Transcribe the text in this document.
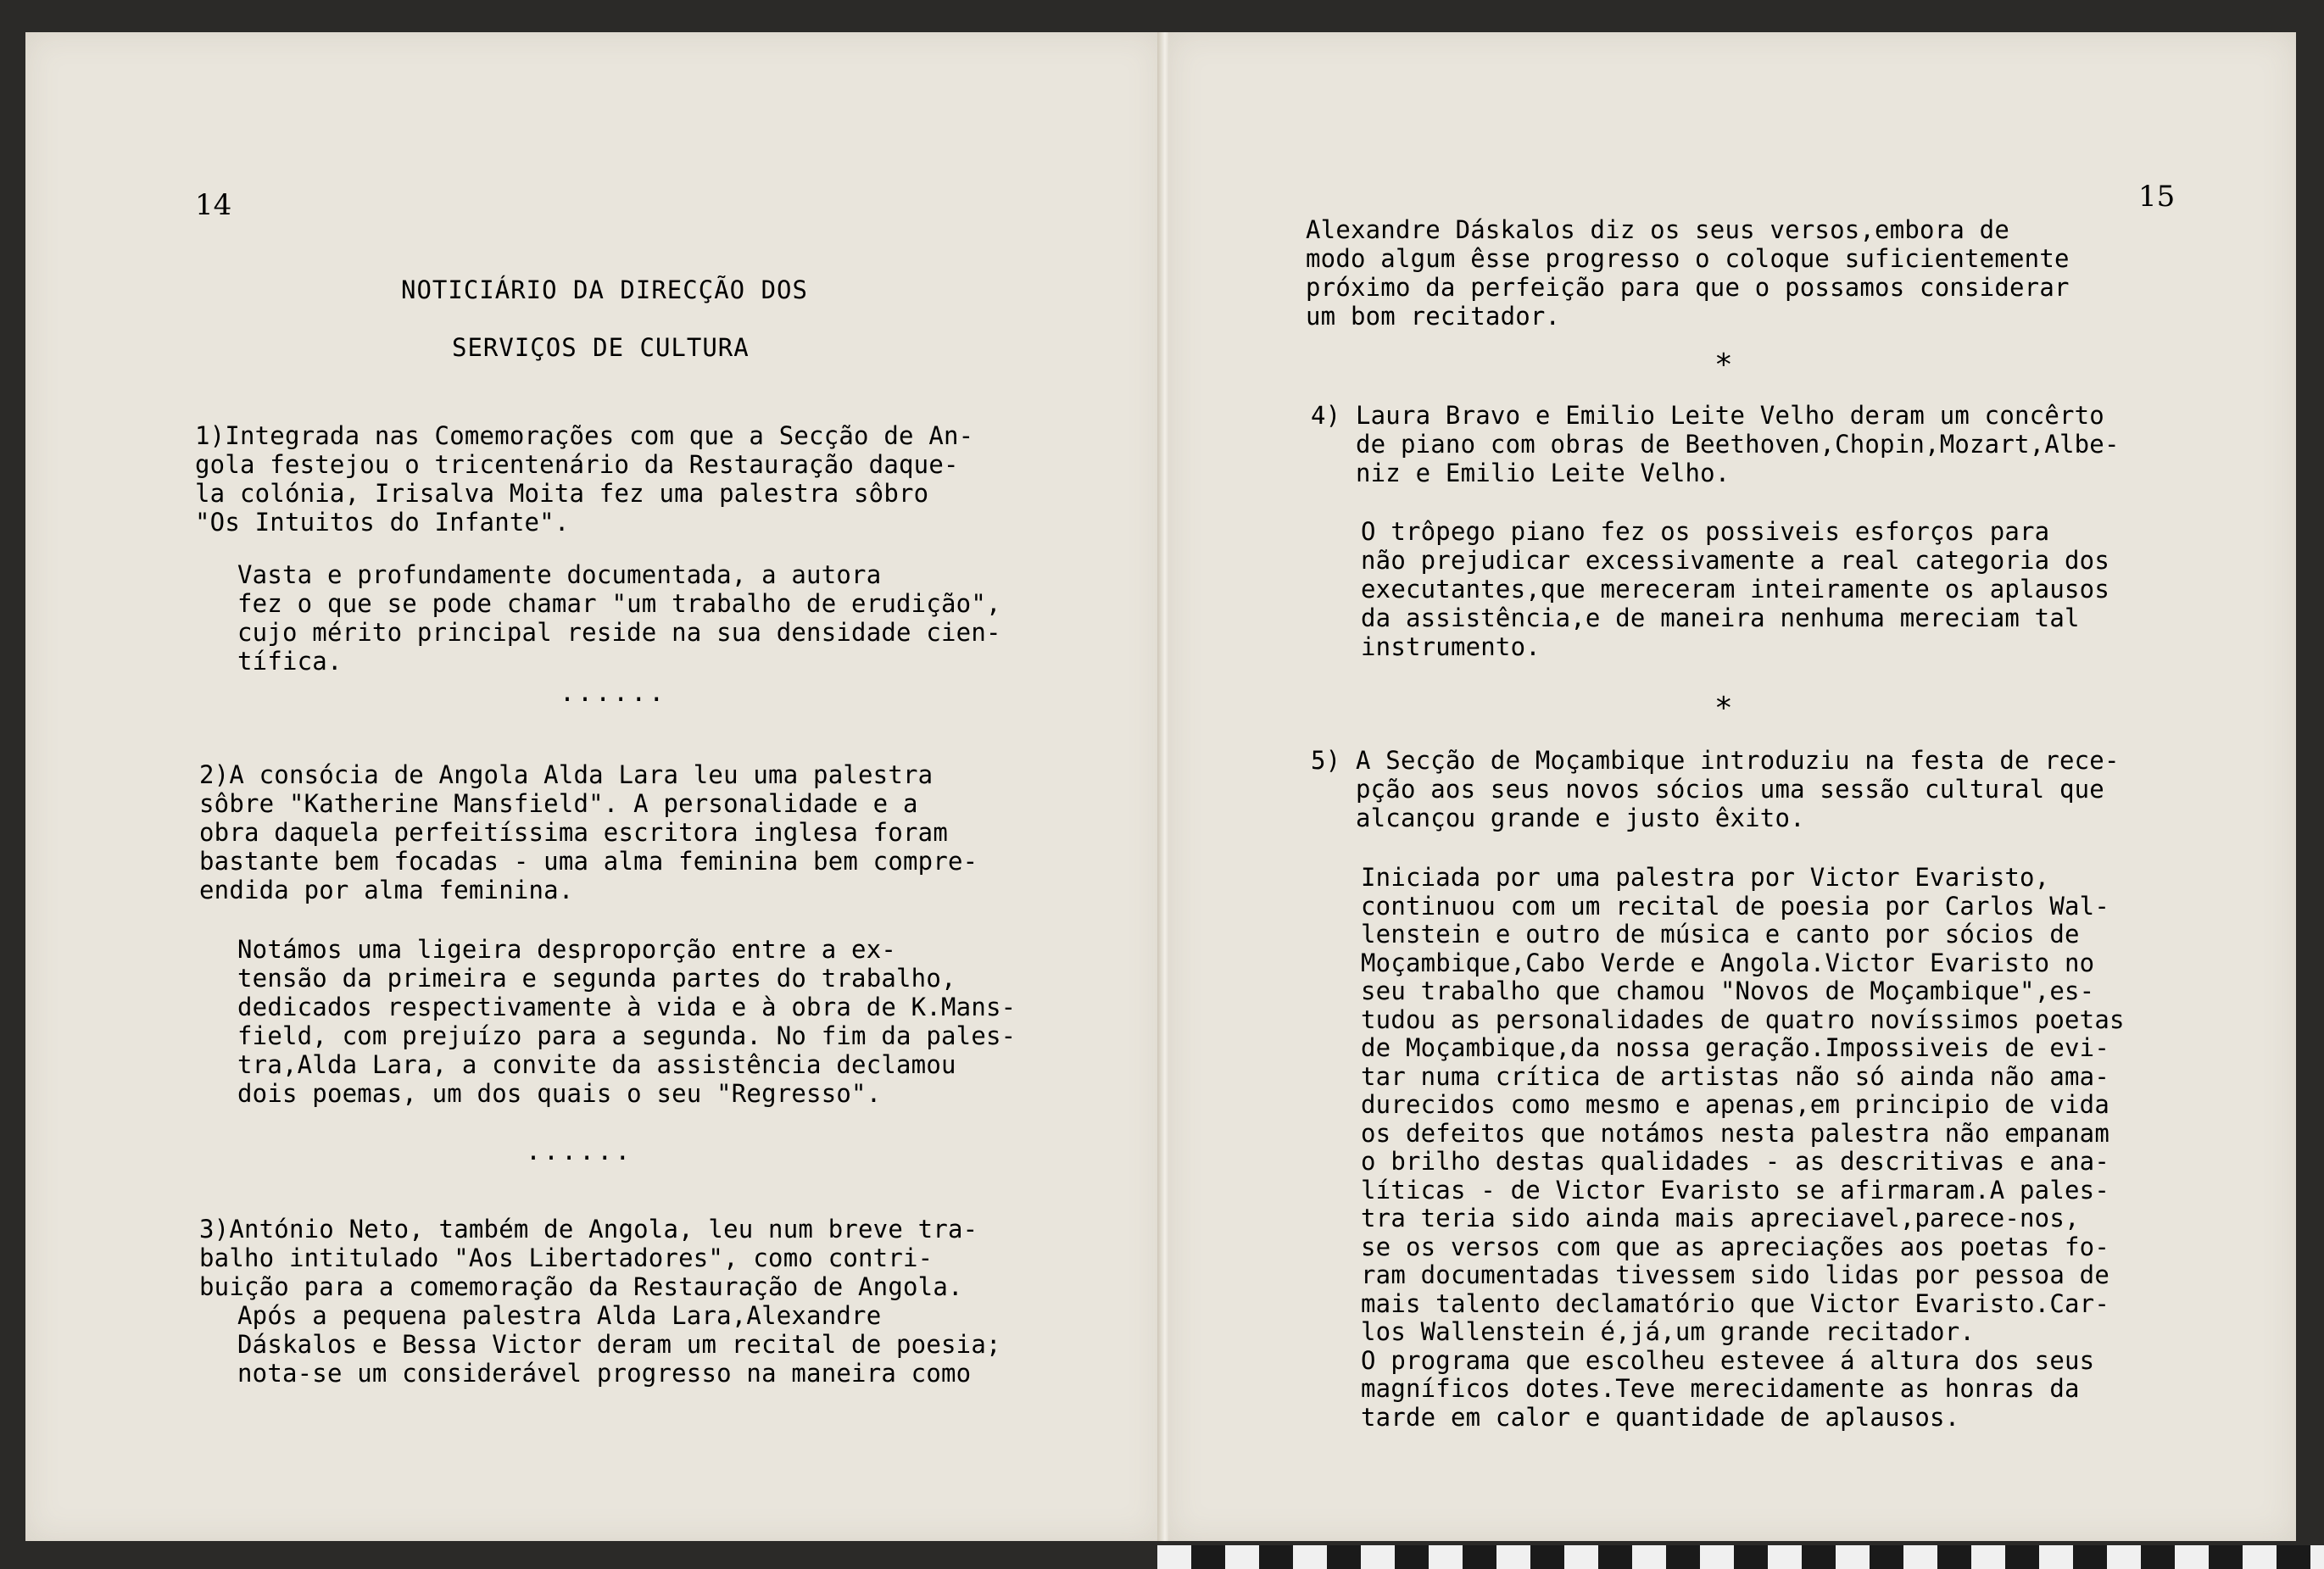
14
NOTICIÁRIO DA DIRECÇÃO DOS
SERVIÇOS DE CULTURA
1)Integrada nas Comemorações com que a Secção de An-
gola festejou o tricentenário da Restauração daque-
la colónia, Irisalva Moita fez uma palestra sôbro
"Os Intuitos do Infante".
Vasta e profundamente documentada, a autora
fez o que se pode chamar "um trabalho de erudição",
cujo mérito principal reside na sua densidade cien-
tífica.
......
2)A consócia de Angola Alda Lara leu uma palestra
sôbre "Katherine Mansfield". A personalidade e a
obra daquela perfeitíssima escritora inglesa foram
bastante bem focadas - uma alma feminina bem compre-
endida por alma feminina.
Notámos uma ligeira desproporção entre a ex-
tensão da primeira e segunda partes do trabalho,
dedicados respectivamente à vida e à obra de K.Mans-
field, com prejuízo para a segunda. No fim da pales-
tra,Alda Lara, a convite da assistência declamou
dois poemas, um dos quais o seu "Regresso".
......
3)António Neto, também de Angola, leu num breve tra-
balho intitulado "Aos Libertadores", como contri-
buição para a comemoração da Restauração de Angola.
Após a pequena palestra Alda Lara,Alexandre
Dáskalos e Bessa Victor deram um recital de poesia;
nota-se um considerável progresso na maneira como
15
Alexandre Dáskalos diz os seus versos,embora de
modo algum êsse progresso o coloque suficientemente
próximo da perfeição para que o possamos considerar
um bom recitador.
*
4) Laura Bravo e Emilio Leite Velho deram um concêrto
de piano com obras de Beethoven,Chopin,Mozart,Albe-
niz e Emilio Leite Velho.
O trôpego piano fez os possiveis esforços para
não prejudicar excessivamente a real categoria dos
executantes,que mereceram inteiramente os aplausos
da assistência,e de maneira nenhuma mereciam tal
instrumento.
*
5) A Secção de Moçambique introduziu na festa de rece-
pção aos seus novos sócios uma sessão cultural que
alcançou grande e justo êxito.
Iniciada por uma palestra por Victor Evaristo,
continuou com um recital de poesia por Carlos Wal-
lenstein e outro de música e canto por sócios de
Moçambique,Cabo Verde e Angola.Victor Evaristo no
seu trabalho que chamou "Novos de Moçambique",es-
tudou as personalidades de quatro novíssimos poetas
de Moçambique,da nossa geração.Impossiveis de evi-
tar numa crítica de artistas não só ainda não ama-
durecidos como mesmo e apenas,em principio de vida
os defeitos que notámos nesta palestra não empanam
o brilho destas qualidades - as descritivas e ana-
líticas - de Victor Evaristo se afirmaram.A pales-
tra teria sido ainda mais apreciavel,parece-nos,
se os versos com que as apreciações aos poetas fo-
ram documentadas tivessem sido lidas por pessoa de
mais talento declamatório que Victor Evaristo.Car-
los Wallenstein é,já,um grande recitador.
O programa que escolheu estevee á altura dos seus
magníficos dotes.Teve merecidamente as honras da
tarde em calor e quantidade de aplausos.
